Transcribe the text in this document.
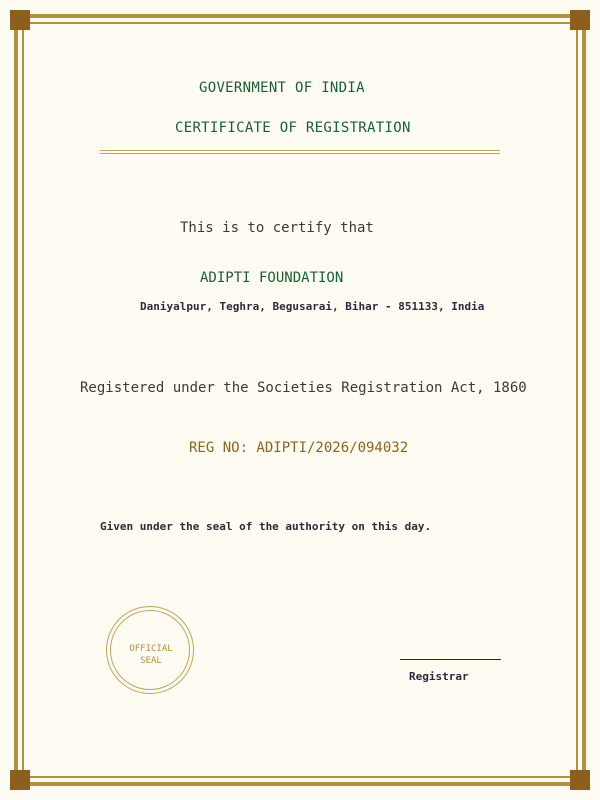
GOVERNMENT OF INDIA
CERTIFICATE OF REGISTRATION
This is to certify that
ADIPTI FOUNDATION
Daniyalpur, Teghra, Begusarai, Bihar - 851133, India
Registered under the Societies Registration Act, 1860
REG NO: ADIPTI/2026/094032
Given under the seal of the authority on this day.
OFFICIAL
SEAL
Registrar
